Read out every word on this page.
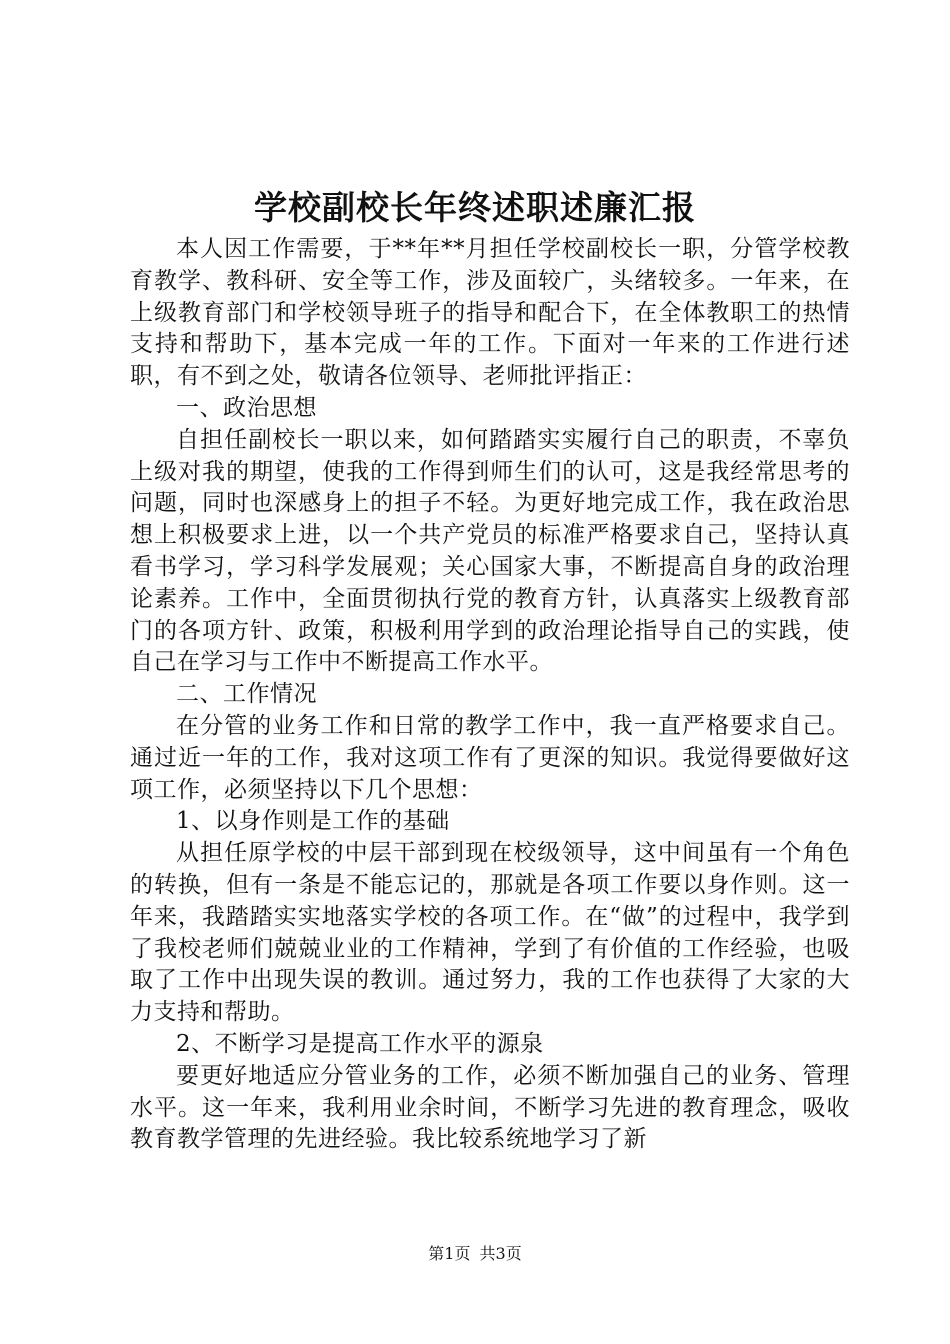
学校副校长年终述职述廉汇报

本人因工作需要，于**年**月担任学校副校长一职，分管学校教育教学、教科研、安全等工作，涉及面较广，头绪较多。一年来，在上级教育部门和学校领导班子的指导和配合下，在全体教职工的热情支持和帮助下，基本完成一年的工作。下面对一年来的工作进行述职，有不到之处，敬请各位领导、老师批评指正：

一、政治思想

自担任副校长一职以来，如何踏踏实实履行自己的职责，不辜负上级对我的期望，使我的工作得到师生们的认可，这是我经常思考的问题，同时也深感身上的担子不轻。为更好地完成工作，我在政治思想上积极要求上进，以一个共产党员的标准严格要求自己，坚持认真看书学习，学习科学发展观；关心国家大事，不断提高自身的政治理论素养。工作中，全面贯彻执行党的教育方针，认真落实上级教育部门的各项方针、政策，积极利用学到的政治理论指导自己的实践，使自己在学习与工作中不断提高工作水平。

二、工作情况

在分管的业务工作和日常的教学工作中，我一直严格要求自己。通过近一年的工作，我对这项工作有了更深的知识。我觉得要做好这项工作，必须坚持以下几个思想：

1、以身作则是工作的基础

从担任原学校的中层干部到现在校级领导，这中间虽有一个角色的转换，但有一条是不能忘记的，那就是各项工作要以身作则。这一年来，我踏踏实实地落实学校的各项工作。在“做”的过程中，我学到了我校老师们兢兢业业的工作精神，学到了有价值的工作经验，也吸取了工作中出现失误的教训。通过努力，我的工作也获得了大家的大力支持和帮助。

2、不断学习是提高工作水平的源泉

要更好地适应分管业务的工作，必须不断加强自己的业务、管理水平。这一年来，我利用业余时间，不断学习先进的教育理念，吸收教育教学管理的先进经验。我比较系统地学习了新

第1页 共3页
